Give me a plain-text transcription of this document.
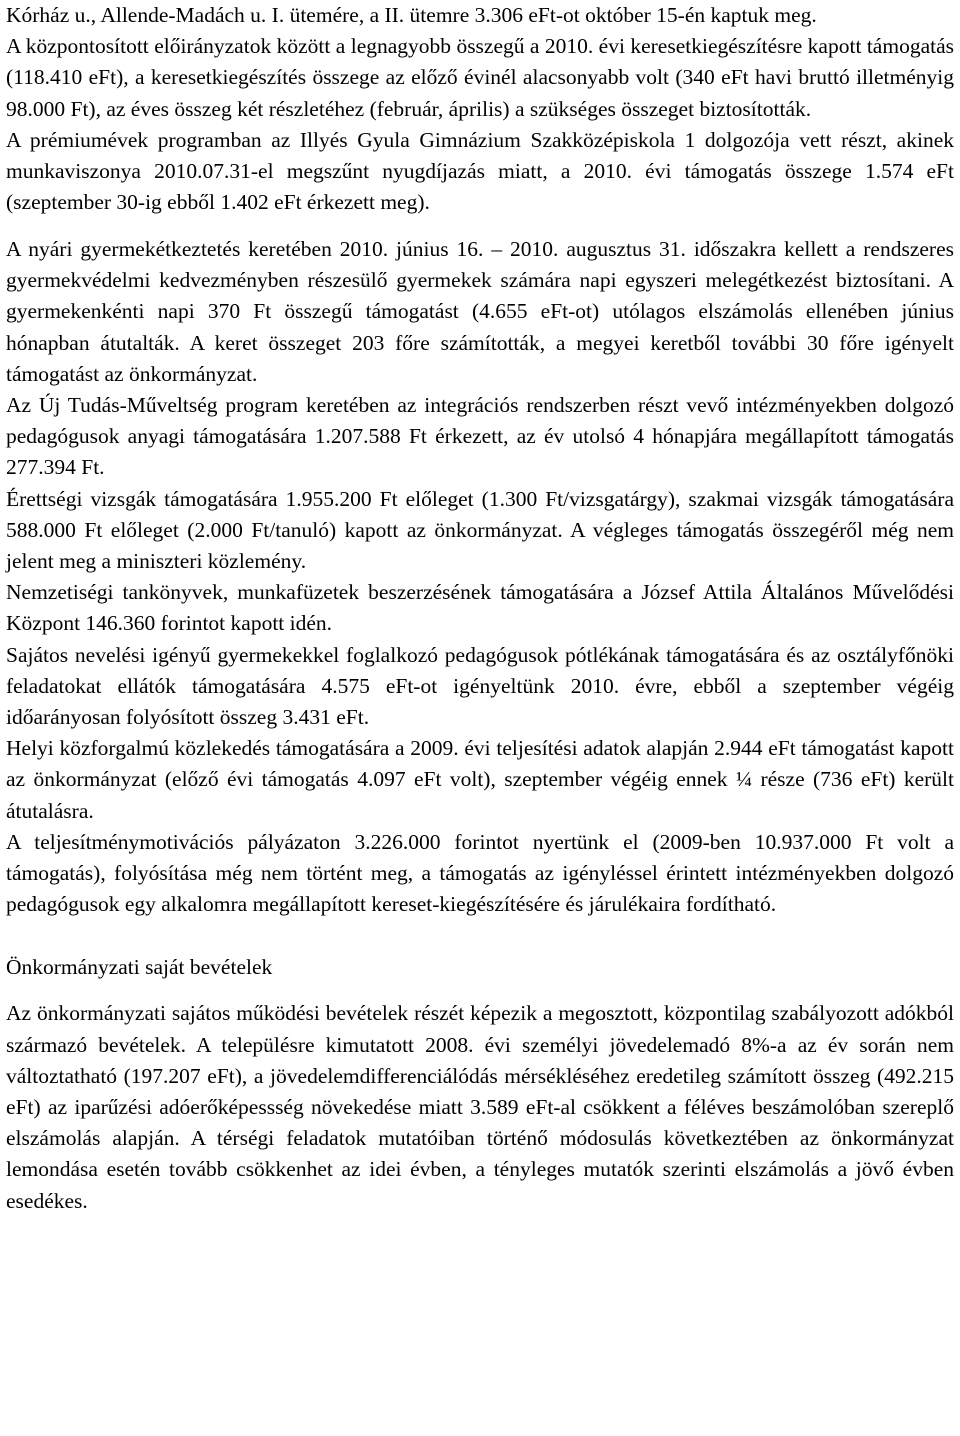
Kórház u., Allende-Madách u. I. ütemére, a II. ütemre 3.306 eFt-ot október 15-én kaptuk meg.

A központosított előirányzatok között a legnagyobb összegű a 2010. évi keresetkiegészítésre kapott támogatás (118.410 eFt), a keresetkiegészítés összege az előző évinél alacsonyabb volt (340 eFt havi bruttó illetményig 98.000 Ft), az éves összeg két részletéhez (február, április) a szükséges összeget biztosították.

A prémiumévek programban az Illyés Gyula Gimnázium Szakközépiskola 1 dolgozója vett részt, akinek munkaviszonya 2010.07.31-el megszűnt nyugdíjazás miatt, a 2010. évi támogatás összege 1.574 eFt (szeptember 30-ig ebből 1.402 eFt érkezett meg).

A nyári gyermekétkeztetés keretében 2010. június 16. – 2010. augusztus 31. időszakra kellett a rendszeres gyermekvédelmi kedvezményben részesülő gyermekek számára napi egyszeri melegétkezést biztosítani. A gyermekenkénti napi 370 Ft összegű támogatást (4.655 eFt-ot) utólagos elszámolás ellenében június hónapban átutalták. A keret összeget 203 főre számították, a megyei keretből további 30 főre igényelt támogatást az önkormányzat.

Az Új Tudás-Műveltség program keretében az integrációs rendszerben részt vevő intézményekben dolgozó pedagógusok anyagi támogatására 1.207.588 Ft érkezett, az év utolsó 4 hónapjára megállapított támogatás 277.394 Ft.

Érettségi vizsgák támogatására 1.955.200 Ft előleget (1.300 Ft/vizsgatárgy), szakmai vizsgák támogatására 588.000 Ft előleget (2.000 Ft/tanuló) kapott az önkormányzat. A végleges támogatás összegéről még nem jelent meg a miniszteri közlemény.

Nemzetiségi tankönyvek, munkafüzetek beszerzésének támogatására a József Attila Általános Művelődési Központ 146.360 forintot kapott idén.

Sajátos nevelési igényű gyermekekkel foglalkozó pedagógusok pótlékának támogatására és az osztályfőnöki feladatokat ellátók támogatására 4.575 eFt-ot igényeltünk 2010. évre, ebből a szeptember végéig időarányosan folyósított összeg 3.431 eFt.

Helyi közforgalmú közlekedés támogatására a 2009. évi teljesítési adatok alapján 2.944 eFt támogatást kapott az önkormányzat (előző évi támogatás 4.097 eFt volt), szeptember végéig ennek ¼ része (736 eFt) került átutalásra.

A teljesítménymotivációs pályázaton 3.226.000 forintot nyertünk el (2009-ben 10.937.000 Ft volt a támogatás), folyósítása még nem történt meg, a támogatás az igényléssel érintett intézményekben dolgozó pedagógusok egy alkalomra megállapított kereset-kiegészítésére és járulékaira fordítható.

Önkormányzati saját bevételek

Az önkormányzati sajátos működési bevételek részét képezik a megosztott, központilag szabályozott adókból származó bevételek. A településre kimutatott 2008. évi személyi jövedelemadó 8%-a az év során nem változtatható (197.207 eFt), a jövedelemdifferenciálódás mérsékléséhez eredetileg számított összeg (492.215 eFt) az iparűzési adóerőképessség növekedése miatt 3.589 eFt-al csökkent a féléves beszámolóban szereplő elszámolás alapján. A térségi feladatok mutatóiban történő módosulás következtében az önkormányzat lemondása esetén tovább csökkenhet az idei évben, a tényleges mutatók szerinti elszámolás a jövő évben esedékes.
